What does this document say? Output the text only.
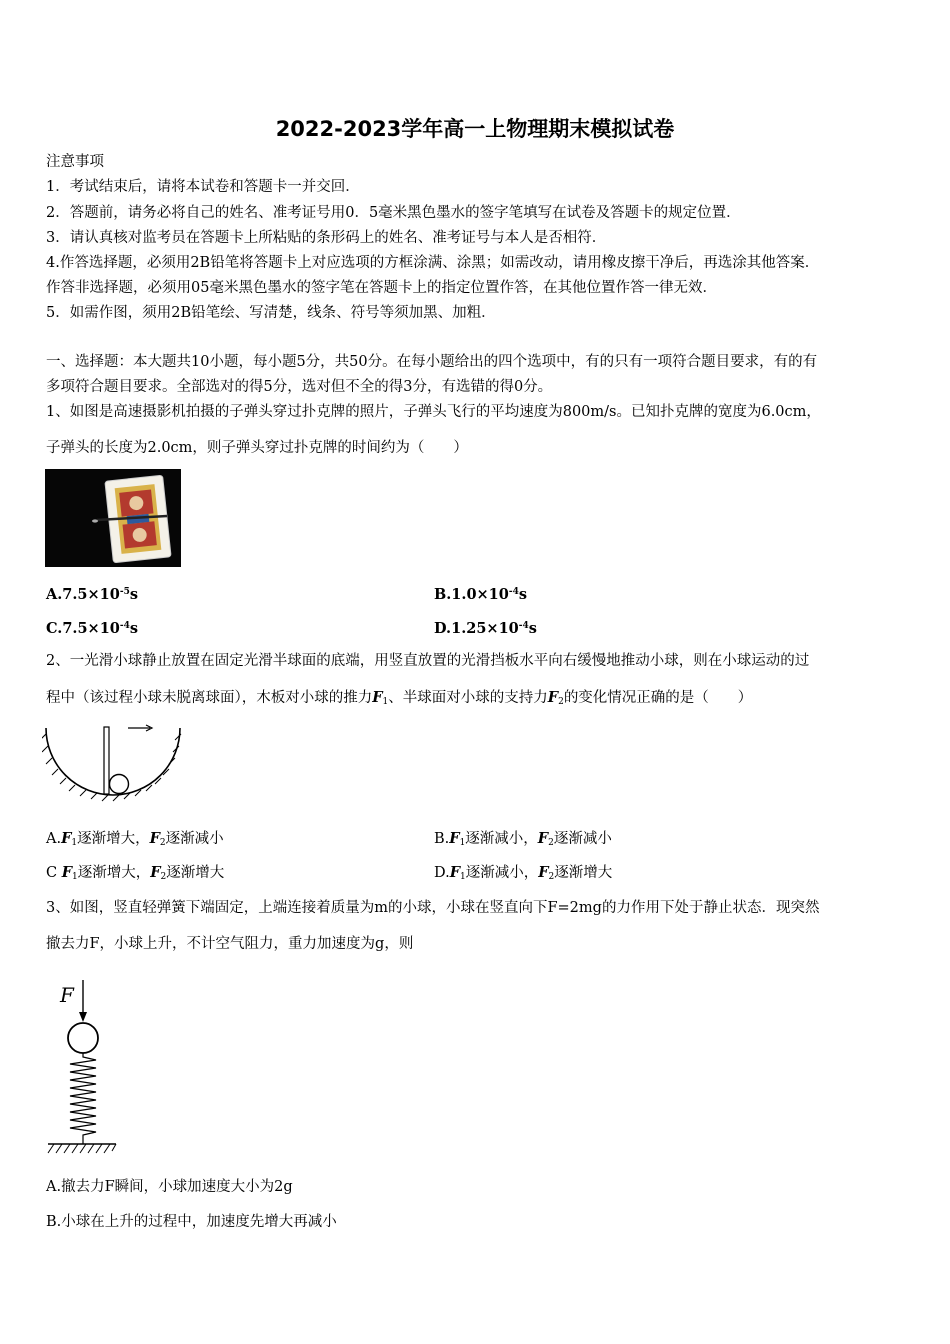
2022-2023学年高一上物理期末模拟试卷
注意事项
1．考试结束后，请将本试卷和答题卡一并交回．
2．答题前，请务必将自己的姓名、准考证号用0．5毫米黑色墨水的签字笔填写在试卷及答题卡的规定位置．
3．请认真核对监考员在答题卡上所粘贴的条形码上的姓名、准考证号与本人是否相符．
4.作答选择题，必须用2B铅笔将答题卡上对应选项的方框涂满、涂黑；如需改动，请用橡皮擦干净后，再选涂其他答案．
作答非选择题，必须用05毫米黑色墨水的签字笔在答题卡上的指定位置作答，在其他位置作答一律无效．
5．如需作图，须用2B铅笔绘、写清楚，线条、符号等须加黑、加粗．
一、选择题：本大题共10小题，每小题5分，共50分。在每小题给出的四个选项中，有的只有一项符合题目要求，有的有
多项符合题目要求。全部选对的得5分，选对但不全的得3分，有选错的得0分。
1、如图是高速摄影机拍摄的子弹头穿过扑克牌的照片，子弹头飞行的平均速度为800m/s。已知扑克牌的宽度为6.0cm，
子弹头的长度为2.0cm，则子弹头穿过扑克牌的时间约为（　　）
$A.7.5\times 10^{-5}s$	$B.1.0\times 10^{-4}s$
$C.7.5\times 10^{-4}s$	$D.1.25\times 10^{-4}s$
2、一光滑小球静止放置在固定光滑半球面的底端，用竖直放置的光滑挡板水平向右缓慢地推动小球，则在小球运动的过
程中（该过程小球未脱离球面），木板对小球的推力$F_1$、半球面对小球的支持力$F_2$的变化情况正确的是（　　）
$A.F_1$逐渐增大，$F_2$逐渐减小	$B.F_1$逐渐减小，$F_2$逐渐减小
C $F_1$逐渐增大，$F_2$逐渐增大	$D.F_1$逐渐减小，$F_2$逐渐增大
3、如图，竖直轻弹簧下端固定，上端连接着质量为m的小球，小球在竖直向下F=2mg的力作用下处于静止状态．现突然
撤去力F，小球上升，不计空气阻力，重力加速度为g，则
F
A.撤去力F瞬间，小球加速度大小为2g
B.小球在上升的过程中，加速度先增大再减小
